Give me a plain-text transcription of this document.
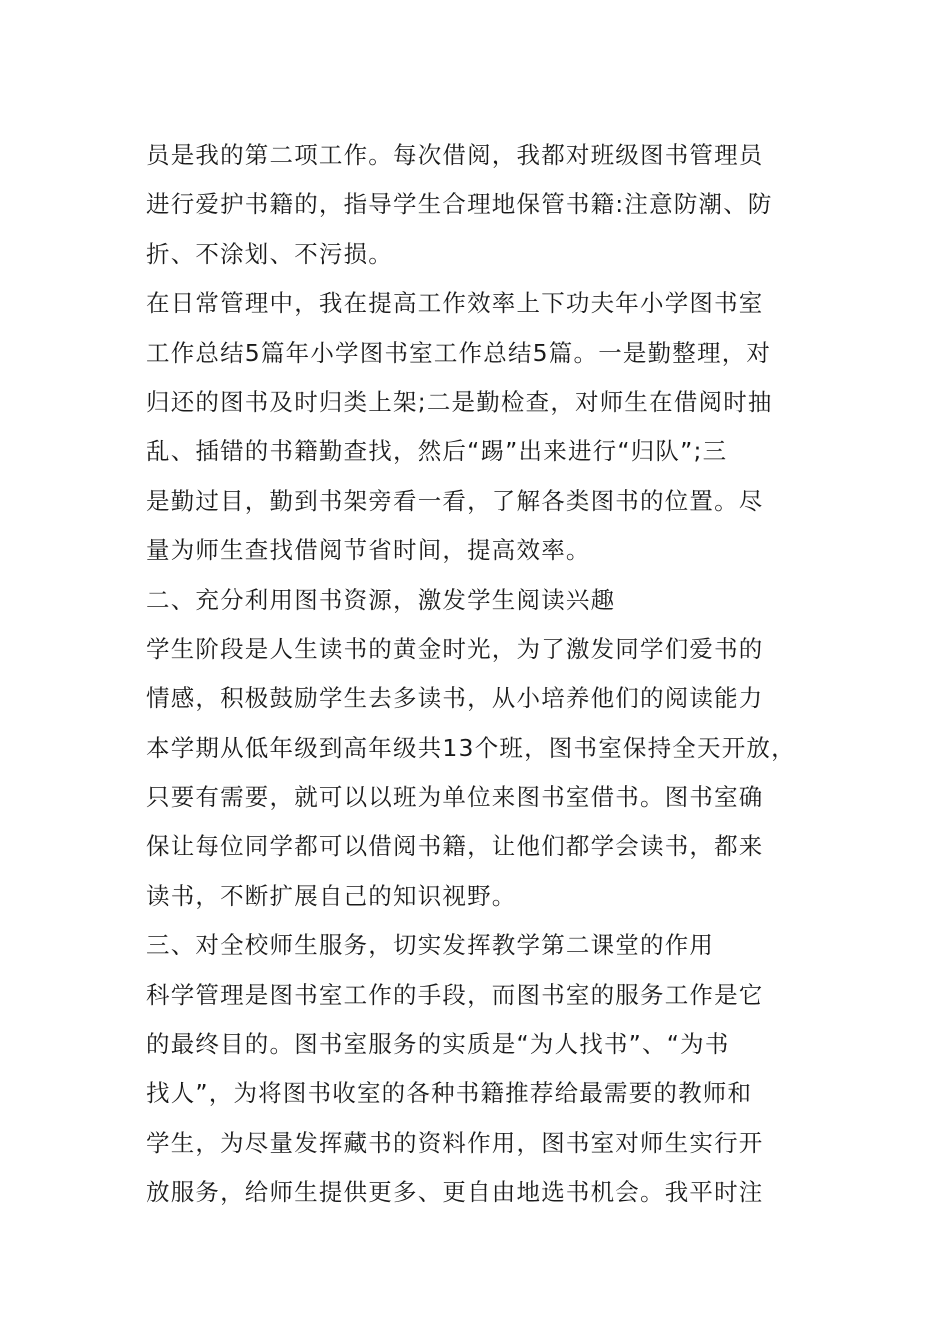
员是我的第二项工作。每次借阅，我都对班级图书管理员
进行爱护书籍的，指导学生合理地保管书籍:注意防潮、防
折、不涂划、不污损。
在日常管理中，我在提高工作效率上下功夫年小学图书室
工作总结5篇年小学图书室工作总结5篇。一是勤整理，对
归还的图书及时归类上架;二是勤检查，对师生在借阅时抽
乱、插错的书籍勤查找，然后“踢”出来进行“归队”;三
是勤过目，勤到书架旁看一看，了解各类图书的位置。尽
量为师生查找借阅节省时间，提高效率。
二、充分利用图书资源，激发学生阅读兴趣
学生阶段是人生读书的黄金时光，为了激发同学们爱书的
情感，积极鼓励学生去多读书，从小培养他们的阅读能力
本学期从低年级到高年级共13个班，图书室保持全天开放，
只要有需要，就可以以班为单位来图书室借书。图书室确
保让每位同学都可以借阅书籍，让他们都学会读书，都来
读书，不断扩展自己的知识视野。
三、对全校师生服务，切实发挥教学第二课堂的作用
科学管理是图书室工作的手段，而图书室的服务工作是它
的最终目的。图书室服务的实质是“为人找书”、“为书
找人”，为将图书收室的各种书籍推荐给最需要的教师和
学生，为尽量发挥藏书的资料作用，图书室对师生实行开
放服务，给师生提供更多、更自由地选书机会。我平时注
